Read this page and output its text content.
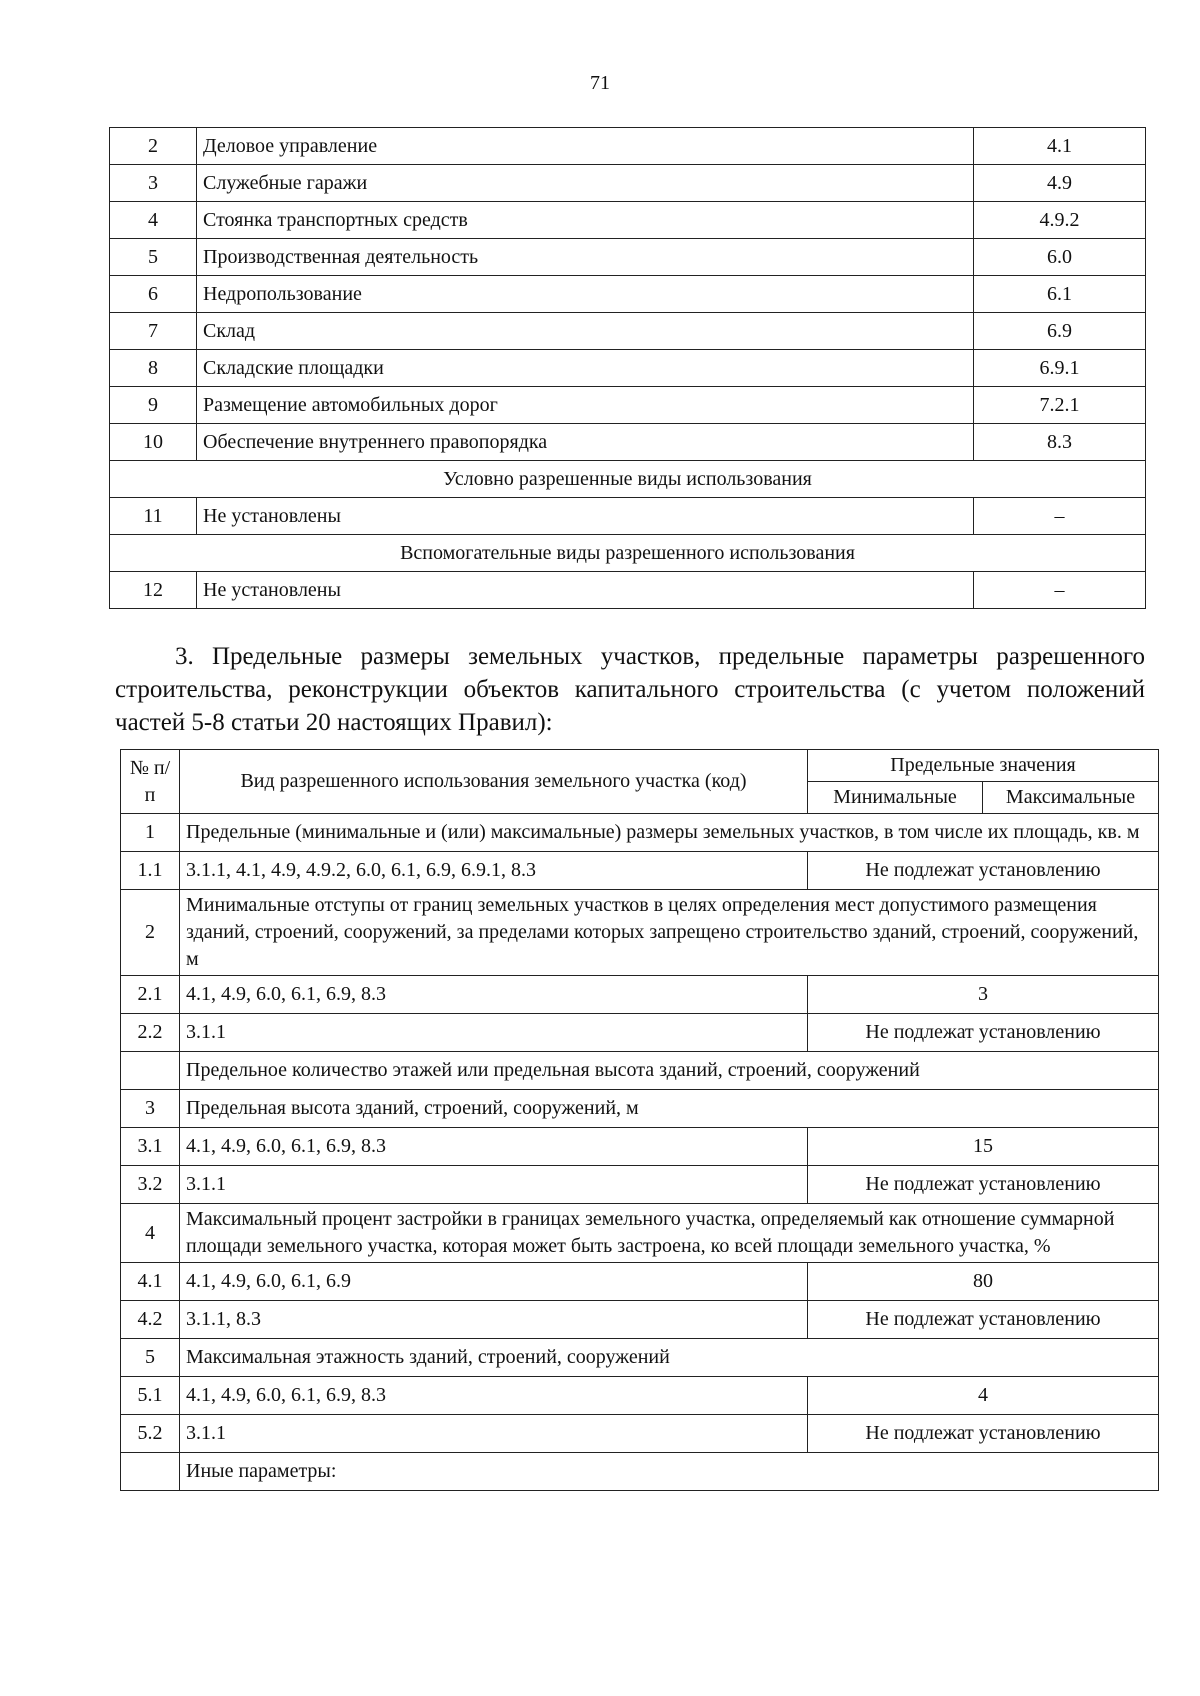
71
2	Деловое управление	4.1
3	Служебные гаражи	4.9
4	Стоянка транспортных средств	4.9.2
5	Производственная деятельность	6.0
6	Недропользование	6.1
7	Склад	6.9
8	Складские площадки	6.9.1
9	Размещение автомобильных дорог	7.2.1
10	Обеспечение внутреннего правопорядка	8.3
Условно разрешенные виды использования		
11	Не установлены	–
Вспомогательные виды разрешенного использования		
12	Не установлены	–

3. Предельные размеры земельных участков, предельные параметры разрешенного строительства, реконструкции объектов капитального строительства (с учетом положений частей 5-8 статьи 20 настоящих Правил):

№ п/п	Вид разрешенного использования земельного участка (код)	Предельные значения	
		Минимальные	Максимальные
1	Предельные (минимальные и (или) максимальные) размеры земельных участков, в том числе их площадь, кв. м		
1.1	3.1.1, 4.1, 4.9, 4.9.2, 6.0, 6.1, 6.9, 6.9.1, 8.3	Не подлежат установлению	
2	Минимальные отступы от границ земельных участков в целях определения мест допустимого размещения зданий, строений, сооружений, за пределами которых запрещено строительство зданий, строений, сооружений, м		
2.1	4.1, 4.9, 6.0, 6.1, 6.9, 8.3	3	
2.2	3.1.1	Не подлежат установлению	
	Предельное количество этажей или предельная высота зданий, строений, сооружений		
3	Предельная высота зданий, строений, сооружений, м		
3.1	4.1, 4.9, 6.0, 6.1, 6.9, 8.3	15	
3.2	3.1.1	Не подлежат установлению	
4	Максимальный процент застройки в границах земельного участка, определяемый как отношение суммарной площади земельного участка, которая может быть застроена, ко всей площади земельного участка, %		
4.1	4.1, 4.9, 6.0, 6.1, 6.9	80	
4.2	3.1.1, 8.3	Не подлежат установлению	
5	Максимальная этажность зданий, строений, сооружений		
5.1	4.1, 4.9, 6.0, 6.1, 6.9, 8.3	4	
5.2	3.1.1	Не подлежат установлению	
	Иные параметры:		
